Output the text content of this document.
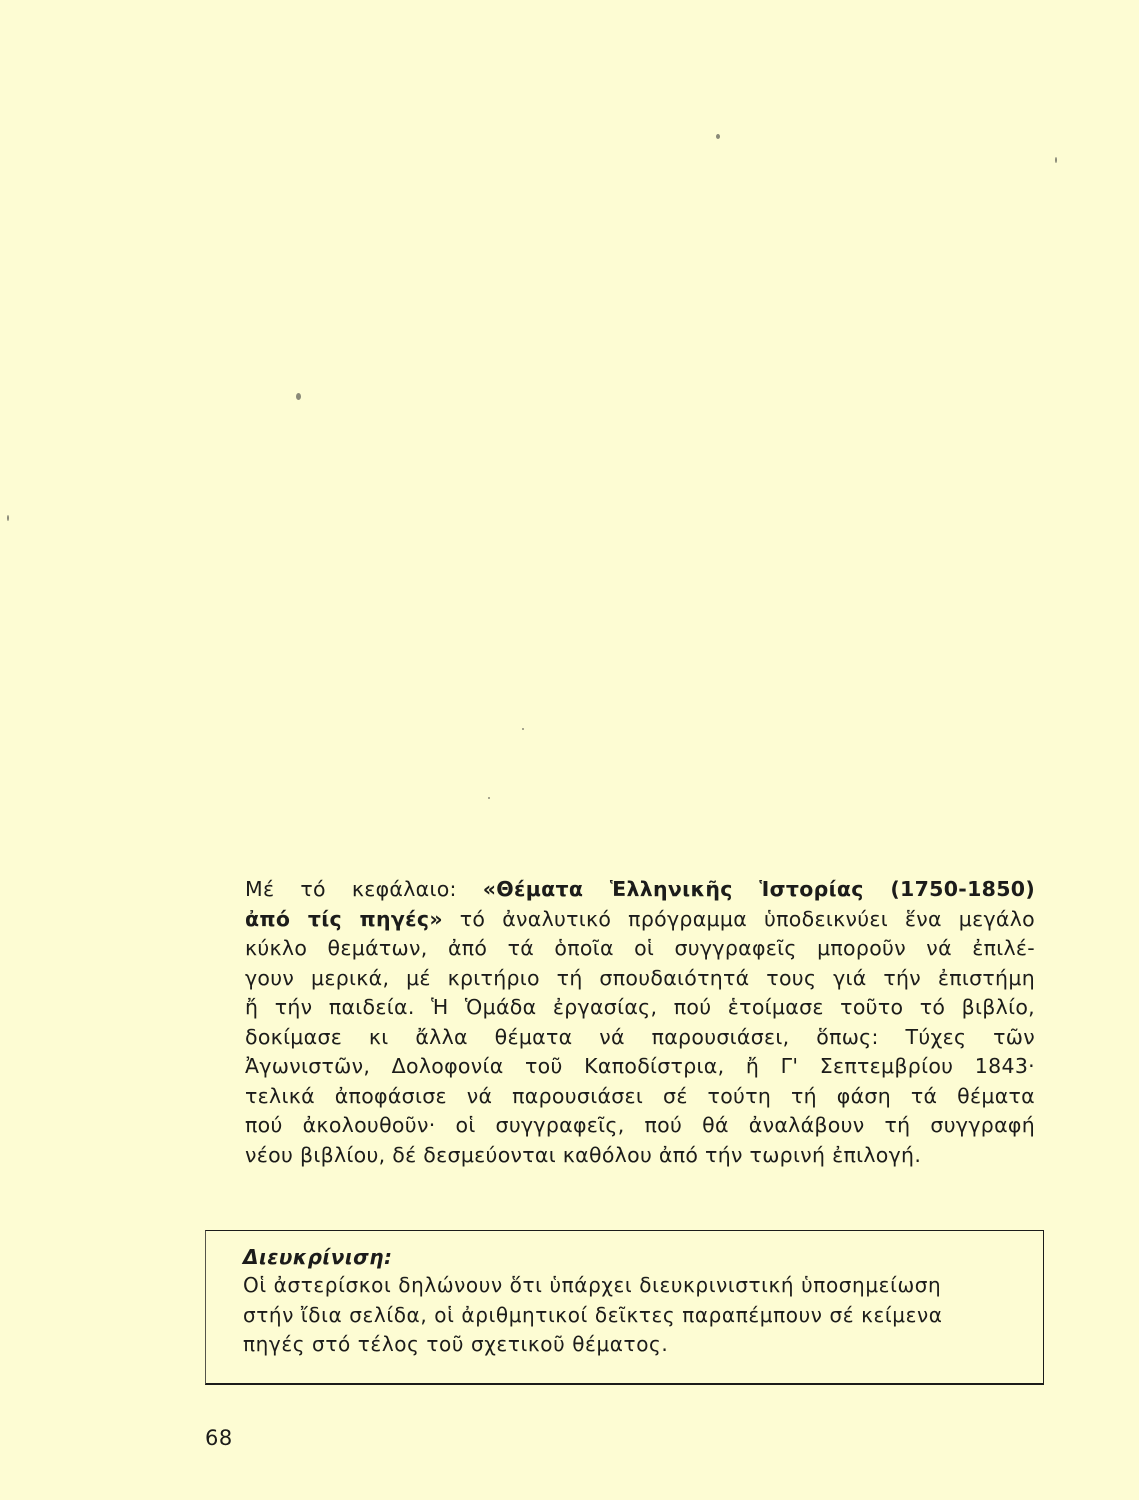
Μέ τό κεφάλαιο: «Θέματα Ἑλληνικῆς Ἱστορίας (1750-1850)
ἀπό τίς πηγές» τό ἀναλυτικό πρόγραμμα ὑποδεικνύει ἕνα μεγάλο
κύκλο θεμάτων, ἀπό τά ὁποῖα οἱ συγγραφεῖς μποροῦν νά ἐπιλέ-
γουν μερικά, μέ κριτήριο τή σπουδαιότητά τους γιά τήν ἐπιστήμη
ἤ τήν παιδεία. Ἡ Ὁμάδα ἐργασίας, πού ἑτοίμασε τοῦτο τό βιβλίο,
δοκίμασε κι ἄλλα θέματα νά παρουσιάσει, ὅπως: Τύχες τῶν
Ἀγωνιστῶν, Δολοφονία τοῦ Καποδίστρια, ἤ Γ' Σεπτεμβρίου 1843·
τελικά ἀποφάσισε νά παρουσιάσει σέ τούτη τή φάση τά θέματα
πού ἀκολουθοῦν· οἱ συγγραφεῖς, πού θά ἀναλάβουν τή συγγραφή
νέου βιβλίου, δέ δεσμεύονται καθόλου ἀπό τήν τωρινή ἐπιλογή.
Διευκρίνιση:
Οἱ ἀστερίσκοι δηλώνουν ὅτι ὑπάρχει διευκρινιστική ὑποσημείωση
στήν ἴδια σελίδα, οἱ ἀριθμητικοί δεῖκτες παραπέμπουν σέ κείμενα
πηγές στό τέλος τοῦ σχετικοῦ θέματος.
68
